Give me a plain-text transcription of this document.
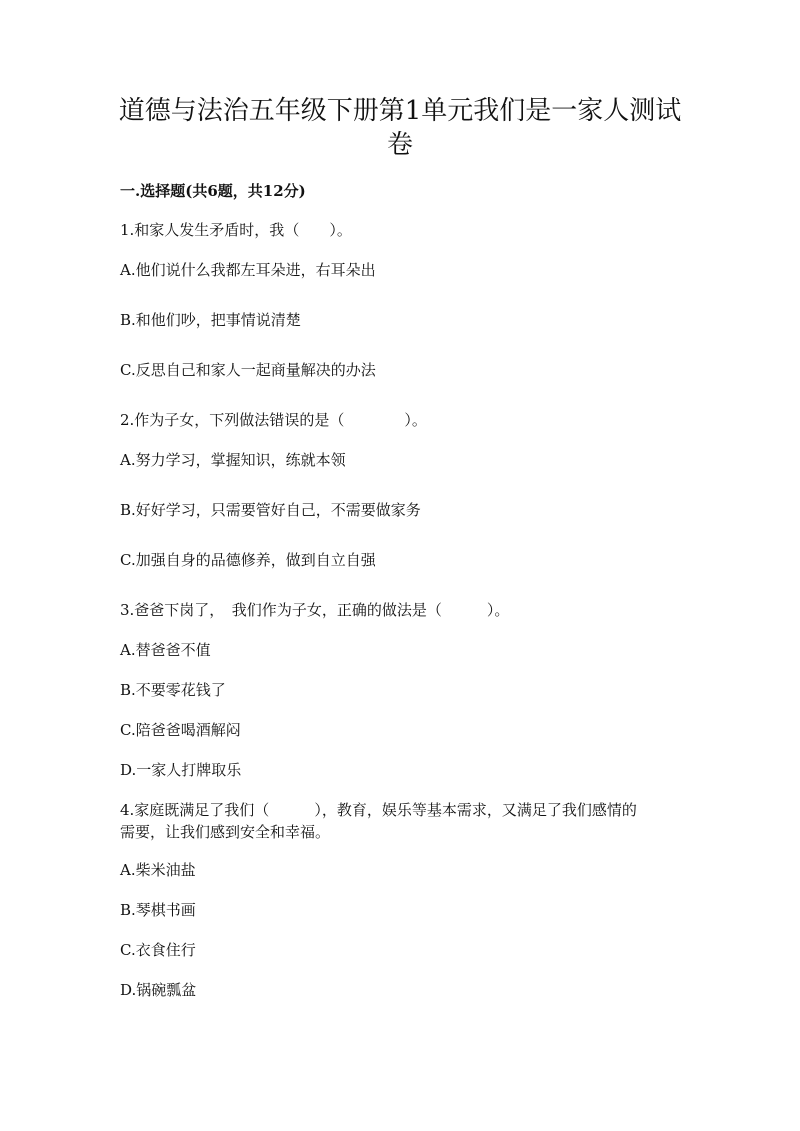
道德与法治五年级下册第1单元我们是一家人测试
卷
一.选择题(共6题，共12分)

1.和家人发生矛盾时，我（　　）。

A.他们说什么我都左耳朵进，右耳朵出

B.和他们吵，把事情说清楚

C.反思自己和家人一起商量解决的办法

2.作为子女，下列做法错误的是（　　　　）。

A.努力学习，掌握知识，练就本领

B.好好学习，只需要管好自己，不需要做家务

C.加强自身的品德修养，做到自立自强

3.爸爸下岗了，　我们作为子女，正确的做法是（　　　）。

A.替爸爸不值

B.不要零花钱了

C.陪爸爸喝酒解闷

D.一家人打牌取乐

4.家庭既满足了我们（　　　），教育，娱乐等基本需求，又满足了我们感情的

需要，让我们感到安全和幸福。

A.柴米油盐

B.琴棋书画

C.衣食住行

D.锅碗瓢盆
